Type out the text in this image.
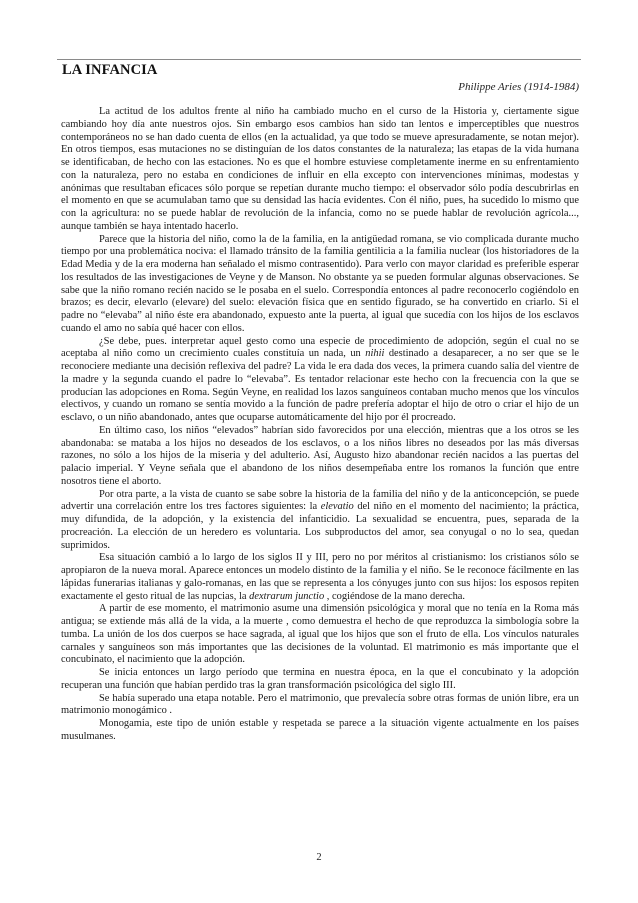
LA INFANCIA
Philippe Aries (1914-1984)

La actitud de los adultos frente al niño ha cambiado mucho en el curso de la Historia y, ciertamente sigue cambiando hoy día ante nuestros ojos. Sin embargo esos cambios han sido tan lentos e imperceptibles que nuestros contemporáneos no se han dado cuenta de ellos (en la actualidad, ya que todo se mueve apresuradamente, se notan mejor). En otros tiempos, esas mutaciones no se distinguían de los datos constantes de la naturaleza; las etapas de la vida humana se identificaban, de hecho con las estaciones. No es que el hombre estuviese completamente inerme en su enfrentamiento con la naturaleza, pero no estaba en condiciones de influir en ella excepto con intervenciones mínimas, modestas y anónimas que resultaban eficaces sólo porque se repetían durante mucho tiempo: el observador sólo podía descubrirlas en el momento en que se acumulaban tamo que su densidad las hacía evidentes. Con él niño, pues, ha sucedido lo mismo que con la agricultura: no se puede hablar de revolución de la infancia, como no se puede hablar de revolución agrícola..., aunque también se haya intentado hacerlo.

Parece que la historia del niño, como la de la familia, en la antigüedad romana, se vio complicada durante mucho tiempo por una problemática nociva: el llamado tránsito de la familia gentilicia a la familia nuclear (los historiadores de la Edad Media y de la era moderna han señalado el mismo contrasentido). Para verlo con mayor claridad es preferible esperar los resultados de las investigaciones de Veyne y de Manson. No obstante ya se pueden formular algunas observaciones. Se sabe que la niño romano recién nacido se le posaba en el suelo. Correspondía entonces al padre reconocerlo cogiéndolo en brazos; es decir, elevarlo (elevare) del suelo: elevación física que en sentido figurado, se ha convertido en criarlo. Si el padre no “elevaba” al niño éste era abandonado, expuesto ante la puerta, al igual que sucedía con los hijos de los esclavos cuando el amo no sabía qué hacer con ellos.

¿Se debe, pues. interpretar aquel gesto como una especie de procedimiento de adopción, según el cual no se aceptaba al niño como un crecimiento cuales constituía un nada, un nihii destinado a desaparecer, a no ser que se le reconociere mediante una decisión reflexiva del padre? La vida le era dada dos veces, la primera cuando salía del vientre de la madre y la segunda cuando el padre lo “elevaba”. Es tentador relacionar este hecho con la frecuencia con la que se producían las adopciones en Roma. Según Veyne, en realidad los lazos sanguíneos contaban mucho menos que los vínculos electivos, y cuando un romano se sentía movido a la función de padre prefería adoptar el hijo de otro o criar el hijo de un esclavo, o un niño abandonado, antes que ocuparse automáticamente del hijo por él procreado.

En último caso, los niños “elevados” habrían sido favorecidos por una elección, mientras que a los otros se les abandonaba: se mataba a los hijos no deseados de los esclavos, o a los niños libres no deseados por las más diversas razones, no sólo a los hijos de la miseria y del adulterio. Así, Augusto hizo abandonar recién nacidos a las puertas del palacio imperial. Y Veyne señala que el abandono de los niños desempeñaba entre los romanos la función que entre nosotros tiene el aborto.

Por otra parte, a la vista de cuanto se sabe sobre la historia de la familia del niño y de la anticoncepción, se puede advertir una correlación entre los tres factores siguientes: la elevatio del niño en el momento del nacimiento; la práctica, muy difundida, de la adopción, y la existencia del infanticidio. La sexualidad se encuentra, pues, separada de la procreación. La elección de un heredero es voluntaria. Los subproductos del amor, sea conyugal o no lo sea, quedan suprimidos.

Esa situación cambió a lo largo de los siglos II y III, pero no por méritos al cristianismo: los cristianos sólo se apropiaron de la nueva moral. Aparece entonces un modelo distinto de la familia y el niño. Se le reconoce fácilmente en las lápidas funerarias italianas y galo-romanas, en las que se representa a los cónyuges junto con sus hijos: los esposos repiten exactamente el gesto ritual de las nupcias, la dextrarum junctio , cogiéndose de la mano derecha.

A partir de ese momento, el matrimonio asume una dimensión psicológica y moral que no tenía en la Roma más antigua; se extiende más allá de la vida, a la muerte , como demuestra el hecho de que reproduzca la simbología sobre la tumba. La unión de los dos cuerpos se hace sagrada, al igual que los hijos que son el fruto de ella. Los vínculos naturales carnales y sanguíneos son más importantes que las decisiones de la voluntad. El matrimonio es más importante que el concubinato, el nacimiento que la adopción.

Se inicia entonces un largo período que termina en nuestra época, en la que el concubinato y la adopción recuperan una función que habían perdido tras la gran transformación psicológica del siglo III.

Se había superado una etapa notable. Pero el matrimonio, que prevalecía sobre otras formas de unión libre, era un matrimonio monogámico .

Monogamia, este tipo de unión estable y respetada se parece a la situación vigente actualmente en los países musulmanes.

2
